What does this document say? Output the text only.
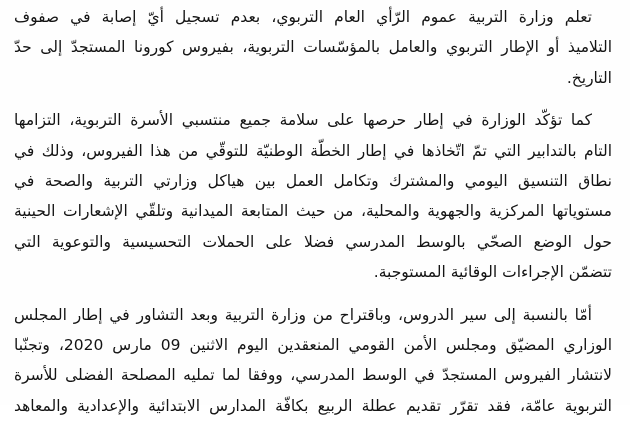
تعلم وزارة التربية عموم الرّأي العام التربوي، بعدم تسجيل أيّ إصابة في صفوف
التلاميذ أو الإطار التربوي والعامل بالمؤسّسات التربوية، بفيروس كورونا المستجدّ إلى حدّ
التاريخ.
كما تؤكّد الوزارة في إطار حرصها على سلامة جميع منتسبي الأسرة التربوية، التزامها
التام بالتدابير التي تمّ اتّخاذها في إطار الخطّة الوطنيّة للتوقّي من هذا الفيروس، وذلك في
نطاق التنسيق اليومي والمشترك وتكامل العمل بين هياكل وزارتي التربية والصحة في
مستوياتها المركزية والجهوية والمحلية، من حيث المتابعة الميدانية وتلقّي الإشعارات الحينية
حول الوضع الصحّي بالوسط المدرسي فضلا على الحملات التحسيسية والتوعوية التي
تتضمّن الإجراءات الوقائية المستوجبة.
أمّا بالنسبة إلى سير الدروس، وباقتراح من وزارة التربية وبعد التشاور في إطار المجلس
الوزاري المضيّق ومجلس الأمن القومي المنعقدين اليوم الاثنين 09 مارس 2020، وتجنّبا
لانتشار الفيروس المستجدّ في الوسط المدرسي، ووفقا لما تمليه المصلحة الفضلى للأسرة
التربوية عامّة، فقد تقرّر تقديم عطلة الربيع بكافّة المدارس الابتدائية والإعدادية والمعاهد
